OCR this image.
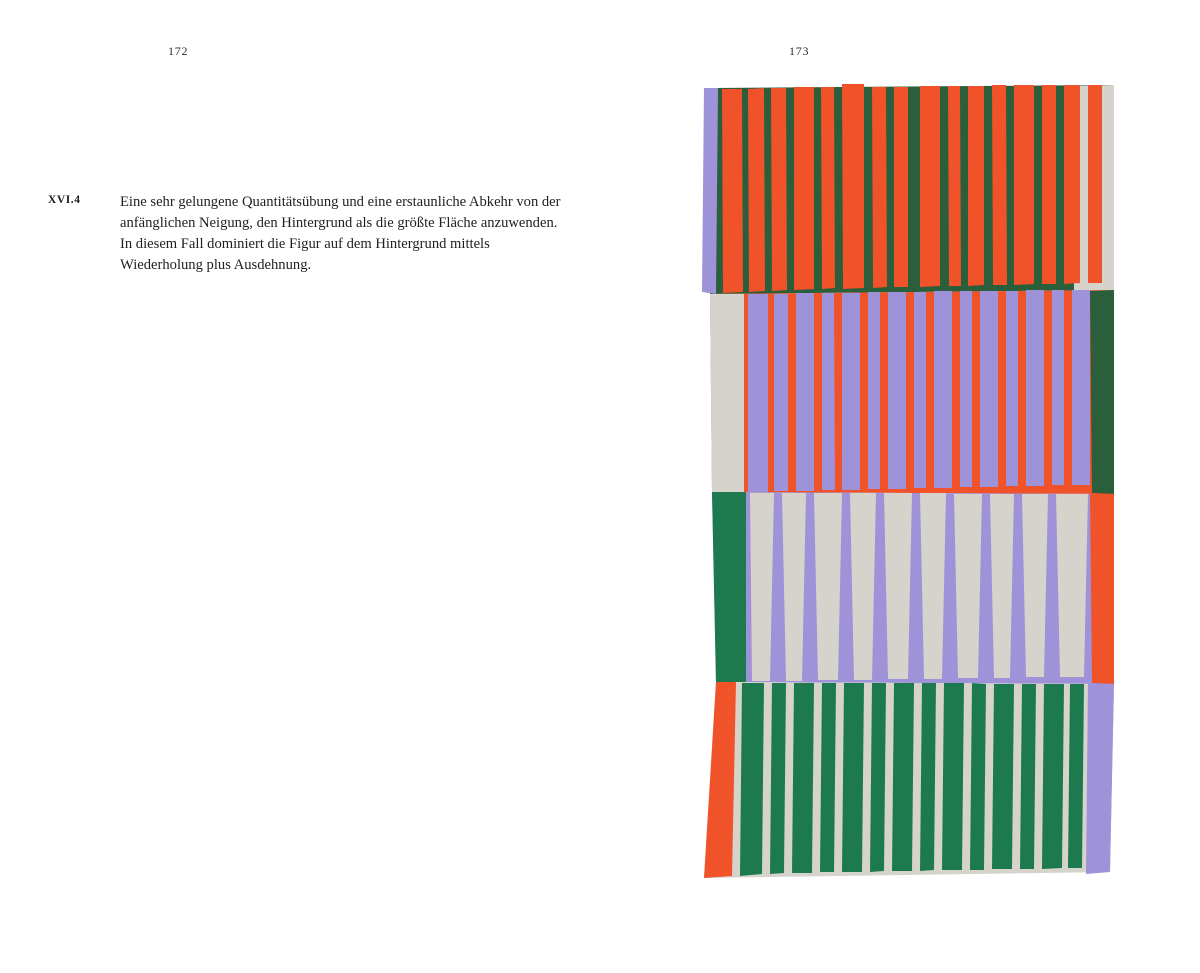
172	173
XVI.4	Eine sehr gelungene Quantitätsübung und eine erstaunliche Abkehr von der anfänglichen Neigung, den Hintergrund als die größte Fläche anzuwenden. In diesem Fall dominiert die Figur auf dem Hintergrund mittels Wiederholung plus Ausdehnung.
